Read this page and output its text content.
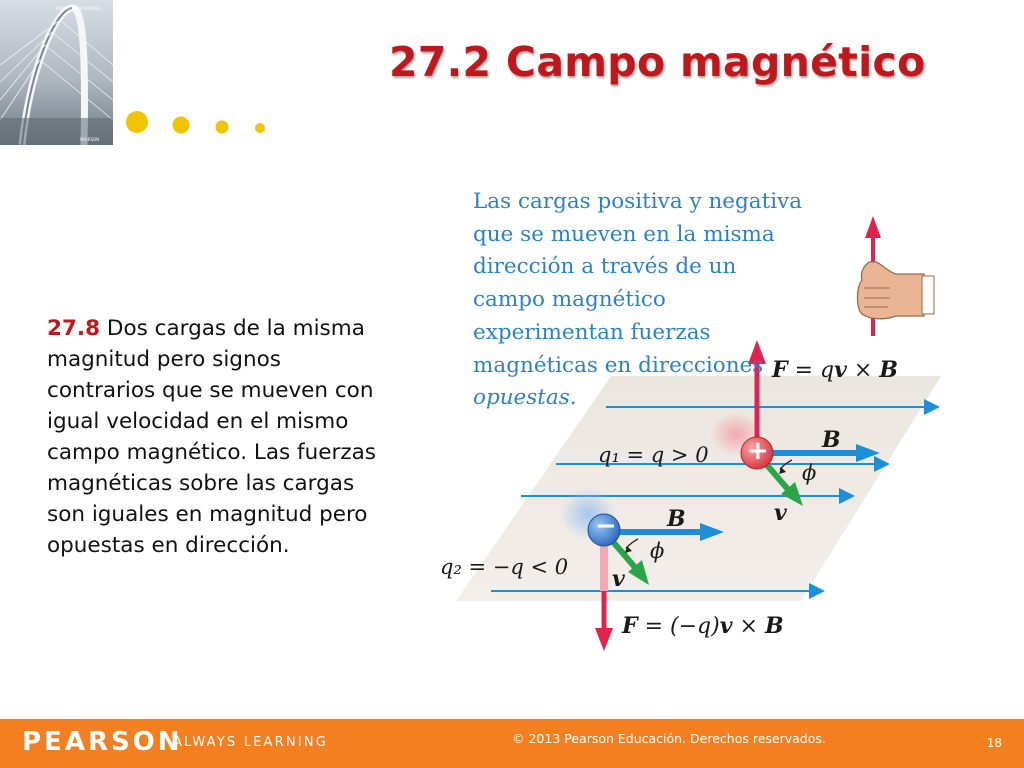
FÍSICA UNIVERSITARIA
PEARSON
27.2 Campo magnético

27.8 Dos cargas de la misma magnitud pero signos contrarios que se mueven con igual velocidad en el mismo campo magnético. Las fuerzas magnéticas sobre las cargas son iguales en magnitud pero opuestas en dirección.

Las cargas positiva y negativa que se mueven en la misma dirección a través de un campo magnético experimentan fuerzas magnéticas en direcciones opuestas.

+
−
F = qv × B
F = (−q)v × B
q₁ = q > 0
q₂ = −q < 0
B
B	v
v
ϕ
ϕ
PEARSON
ALWAYS LEARNING	© 2013 Pearson Educación. Derechos reservados.	18
